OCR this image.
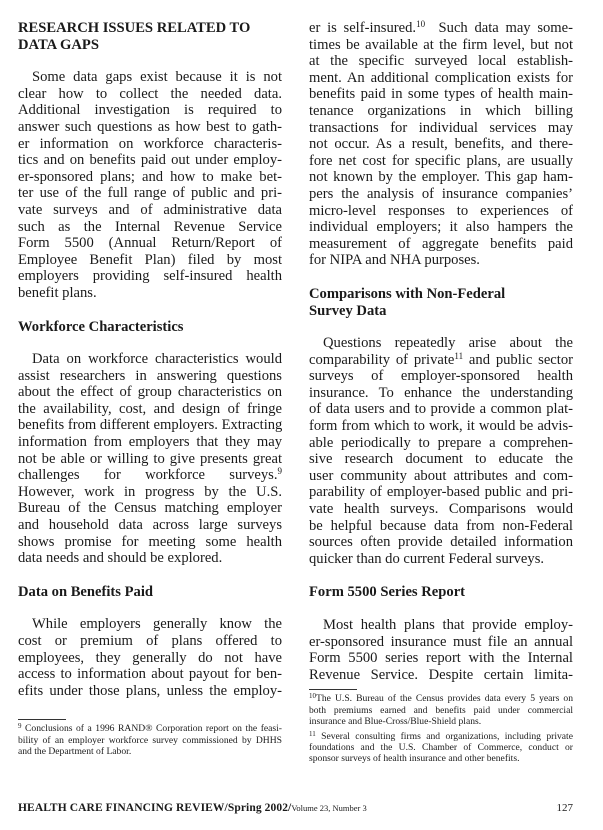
RESEARCH ISSUES RELATED TO
DATA GAPS
Some data gaps exist because it is not
clear how to collect the needed data.
Additional investigation is required to
answer such questions as how best to gath-
er information on workforce characteris-
tics and on benefits paid out under employ-
er-sponsored plans; and how to make bet-
ter use of the full range of public and pri-
vate surveys and of administrative data
such as the Internal Revenue Service
Form 5500 (Annual Return/Report of
Employee Benefit Plan) filed by most
employers providing self-insured health
benefit plans.
Workforce Characteristics
Data on workforce characteristics would
assist researchers in answering questions
about the effect of group characteristics on
the availability, cost, and design of fringe
benefits from different employers. Extracting
information from employers that they may
not be able or willing to give presents great
challenges for workforce surveys.$^9$
However, work in progress by the U.S.
Bureau of the Census matching employer
and household data across large surveys
shows promise for meeting some health
data needs and should be explored.
Data on Benefits Paid
While employers generally know the
cost or premium of plans offered to
employees, they generally do not have
access to information about payout for ben-
efits under those plans, unless the employ-
$^9$ Conclusions of a 1996 RAND® Corporation report on the feasi-
bility of an employer workforce survey commissioned by DHHS
and the Department of Labor.
er is self-insured.$^{10}$ Such data may some-
times be available at the firm level, but not
at the specific surveyed local establish-
ment. An additional complication exists for
benefits paid in some types of health main-
tenance organizations in which billing
transactions for individual services may
not occur. As a result, benefits, and there-
fore net cost for specific plans, are usually
not known by the employer. This gap ham-
pers the analysis of insurance companies’
micro-level responses to experiences of
individual employers; it also hampers the
measurement of aggregate benefits paid
for NIPA and NHA purposes.
Comparisons with Non-Federal
Survey Data
Questions repeatedly arise about the
comparability of private$^{11}$ and public sector
surveys of employer-sponsored health
insurance. To enhance the understanding
of data users and to provide a common plat-
form from which to work, it would be advis-
able periodically to prepare a comprehen-
sive research document to educate the
user community about attributes and com-
parability of employer-based public and pri-
vate health surveys. Comparisons would
be helpful because data from non-Federal
sources often provide detailed information
quicker than do current Federal surveys.
Form 5500 Series Report
Most health plans that provide employ-
er-sponsored insurance must file an annual
Form 5500 series report with the Internal
Revenue Service. Despite certain limita-
$^{10}$The U.S. Bureau of the Census provides data every 5 years on
both premiums earned and benefits paid under commercial
insurance and Blue-Cross/Blue-Shield plans.
$^{11}$ Several consulting firms and organizations, including private
foundations and the U.S. Chamber of Commerce, conduct or
sponsor surveys of health insurance and other benefits.
HEALTH CARE FINANCING REVIEW/Spring 2002/Volume 23, Number 3	127
